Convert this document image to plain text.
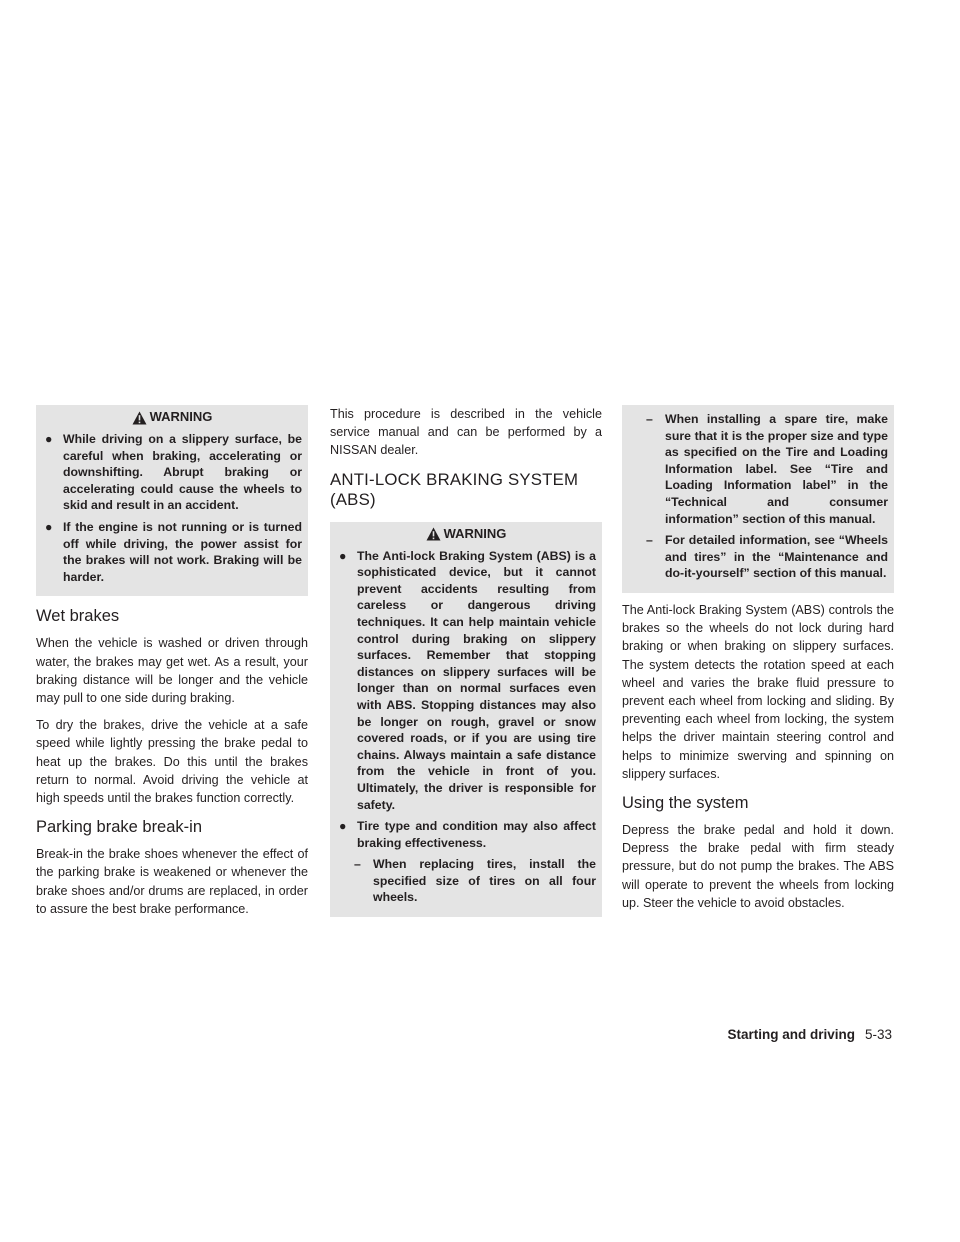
WARNING
● While driving on a slippery surface, be careful when braking, accelerating or downshifting. Abrupt braking or accelerating could cause the wheels to skid and result in an accident.
● If the engine is not running or is turned off while driving, the power assist for the brakes will not work. Braking will be harder.
Wet brakes

When the vehicle is washed or driven through water, the brakes may get wet. As a result, your braking distance will be longer and the vehicle may pull to one side during braking.

To dry the brakes, drive the vehicle at a safe speed while lightly pressing the brake pedal to heat up the brakes. Do this until the brakes return to normal. Avoid driving the vehicle at high speeds until the brakes function correctly.

Parking brake break-in

Break-in the brake shoes whenever the effect of the parking brake is weakened or whenever the brake shoes and/or drums are replaced, in order to assure the best brake performance.

This procedure is described in the vehicle service manual and can be performed by a NISSAN dealer.

ANTI-LOCK BRAKING SYSTEM
(ABS)
WARNING
● The Anti-lock Braking System (ABS) is a sophisticated device, but it cannot prevent accidents resulting from careless or dangerous driving techniques. It can help maintain vehicle control during braking on slippery surfaces. Remember that stopping distances on slippery surfaces will be longer than on normal surfaces even with ABS. Stopping distances may also be longer on rough, gravel or snow covered roads, or if you are using tire chains. Always maintain a safe distance from the vehicle in front of you. Ultimately, the driver is responsible for safety.
● Tire type and condition may also affect braking effectiveness.
– When replacing tires, install the specified size of tires on all four wheels.
– When installing a spare tire, make sure that it is the proper size and type as specified on the Tire and Loading Information label. See “Tire and Loading Information label” in the “Technical and consumer information” section of this manual.
– For detailed information, see “Wheels and tires” in the “Maintenance and do-it-yourself” section of this manual.

The Anti-lock Braking System (ABS) controls the brakes so the wheels do not lock during hard braking or when braking on slippery surfaces. The system detects the rotation speed at each wheel and varies the brake fluid pressure to prevent each wheel from locking and sliding. By preventing each wheel from locking, the system helps the driver maintain steering control and helps to minimize swerving and spinning on slippery surfaces.

Using the system

Depress the brake pedal and hold it down. Depress the brake pedal with firm steady pressure, but do not pump the brakes. The ABS will operate to prevent the wheels from locking up. Steer the vehicle to avoid obstacles.

Starting and driving 5-33
